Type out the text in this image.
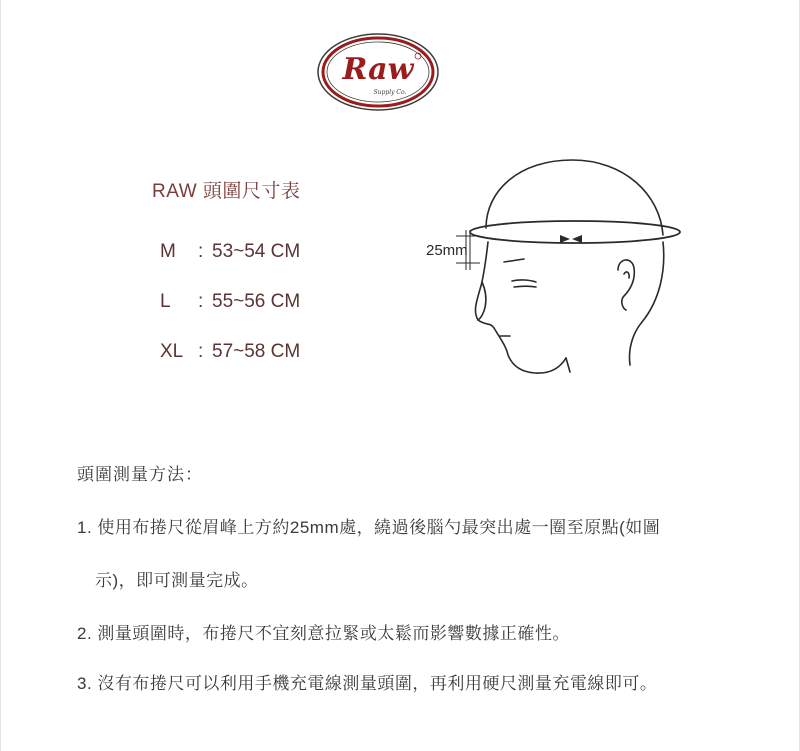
Raw
Supply Co.
RAW 頭圍尺寸表
M : 53~54 CM
L : 55~56 CM
XL : 57~58 CM
25mm
頭圍測量方法：
1. 使用布捲尺從眉峰上方約25mm處，繞過後腦勺最突出處一圈至原點(如圖
示)，即可測量完成。
2. 測量頭圍時，布捲尺不宜刻意拉緊或太鬆而影響數據正確性。
3. 沒有布捲尺可以利用手機充電線測量頭圍，再利用硬尺測量充電線即可。
